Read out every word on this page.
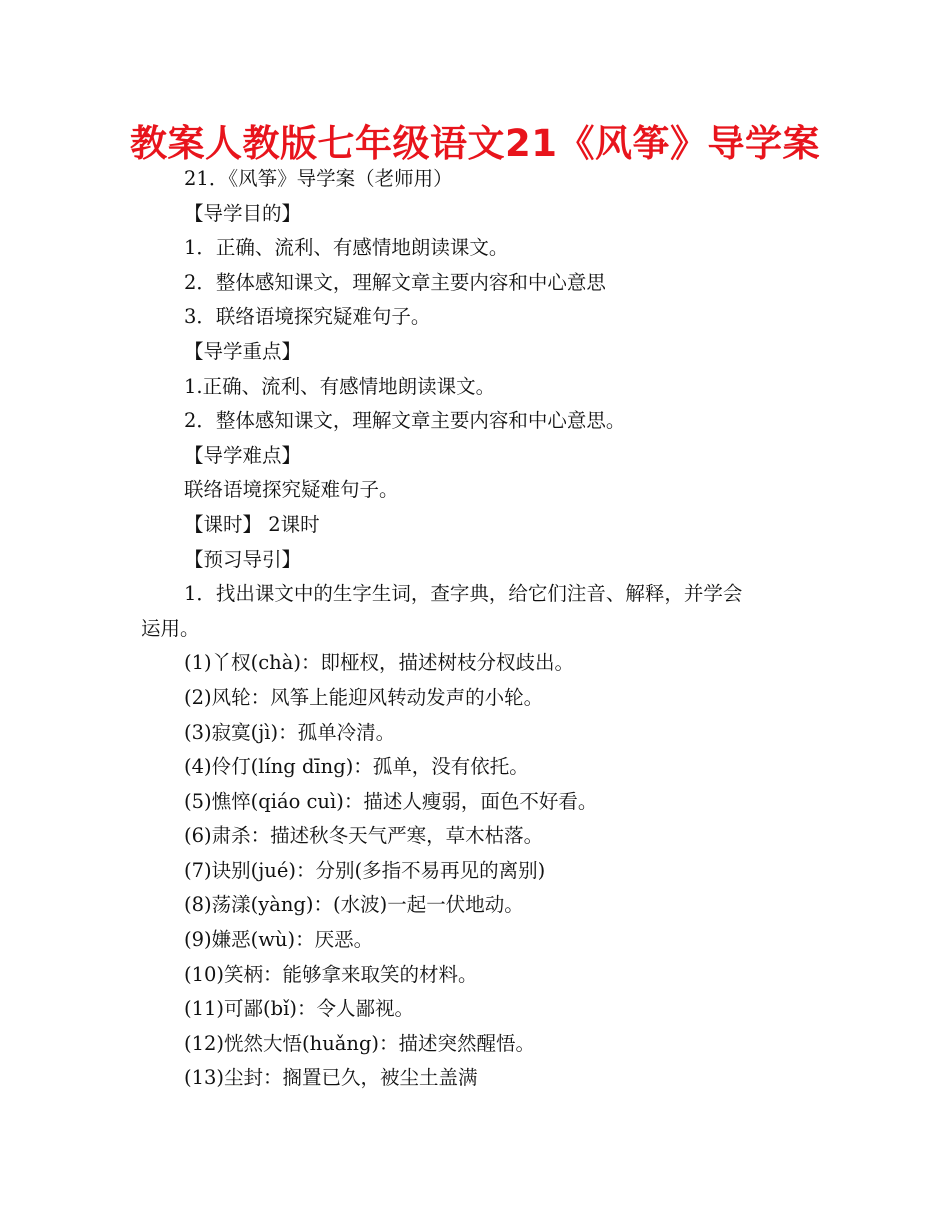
教案人教版七年级语文21《风筝》导学案
21．《风筝》导学案（老师用）
【导学目的】
1．正确、流利、有感情地朗读课文。
2．整体感知课文，理解文章主要内容和中心意思
3．联络语境探究疑难句子。
【导学重点】
1.正确、流利、有感情地朗读课文。
2．整体感知课文，理解文章主要内容和中心意思。
【导学难点】
联络语境探究疑难句子。
【课时】 2课时
【预习导引】
1．找出课文中的生字生词，查字典，给它们注音、解释，并学会
运用。
(1)丫杈(chà)：即桠杈，描述树枝分杈歧出。
(2)风轮：风筝上能迎风转动发声的小轮。
(3)寂寞(jì)：孤单冷清。
(4)伶仃(líng dīng)：孤单，没有依托。
(5)憔悴(qiáo cuì)：描述人瘦弱，面色不好看。
(6)肃杀：描述秋冬天气严寒，草木枯落。
(7)诀别(jué)：分别(多指不易再见的离别)
(8)荡漾(yàng)：(水波)一起一伏地动。
(9)嫌恶(wù)：厌恶。
(10)笑柄：能够拿来取笑的材料。
(11)可鄙(bǐ)：令人鄙视。
(12)恍然大悟(huǎng)：描述突然醒悟。
(13)尘封：搁置已久，被尘土盖满
